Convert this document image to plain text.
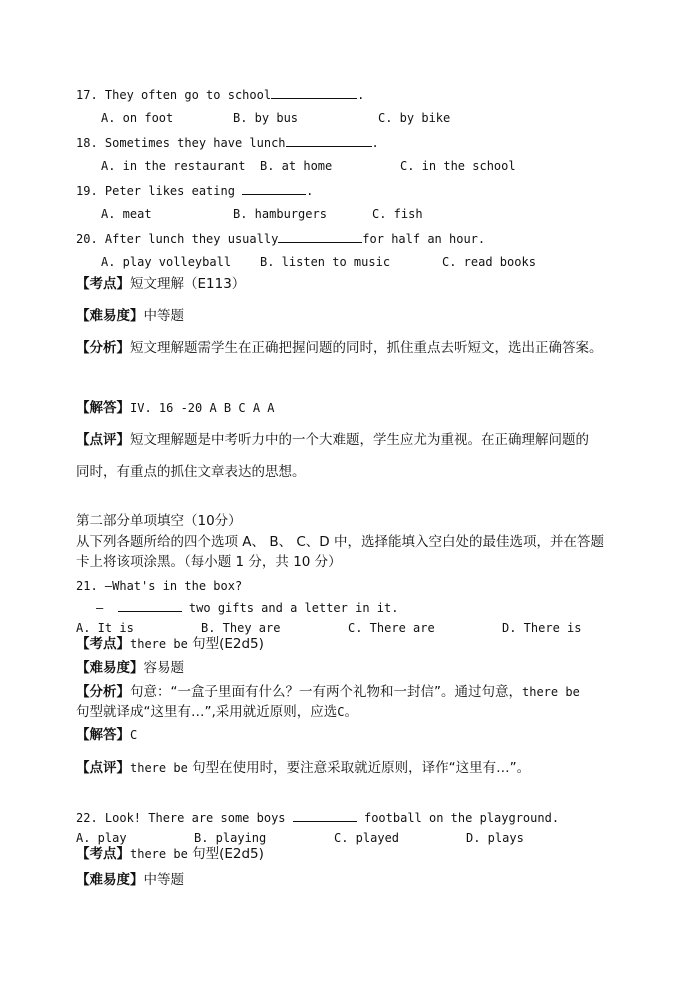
17. They often go to school	.
A. on foot	B. by bus	C. by bike
18. Sometimes they have lunch	.
A. in the restaurant B. at home	C. in the school
19. Peter likes eating	.
A. meat	B. hamburgers	C. fish
20. After lunch they usually	for half an hour.
A. play volleyball B. listen to music	C. read books
【考点】短文理解（E113）
【难易度】中等题
【分析】短文理解题需学生在正确把握问题的同时，抓住重点去听短文，选出正确答案。
【解答】IV. 16 -20 A B C A A
【点评】短文理解题是中考听力中的一个大难题，学生应尤为重视。在正确理解问题的
同时，有重点的抓住文章表达的思想。
第二部分单项填空（10分）
从下列各题所给的四个选项 A、 B、 C、D 中，选择能填入空白处的最佳选项，并在答题
卡上将该项涂黑。（每小题 1 分，共 10 分）
21. —What's in the box?
—	two gifts and a letter in it.
A. It is	B. They are	C. There are	D. There is
【考点】there be 句型(E2d5)
【难易度】容易题
【分析】句意：“一盒子里面有什么？一有两个礼物和一封信”。通过句意，there be
句型就译成“这里有…”,采用就近原则，应选C。
【解答】C
【点评】there be 句型在使用时，要注意采取就近原则，译作“这里有…”。
22. Look! There are some boys	football on the playground.
A. play	B. playing	C. played	D. plays
【考点】there be 句型(E2d5)
【难易度】中等题
